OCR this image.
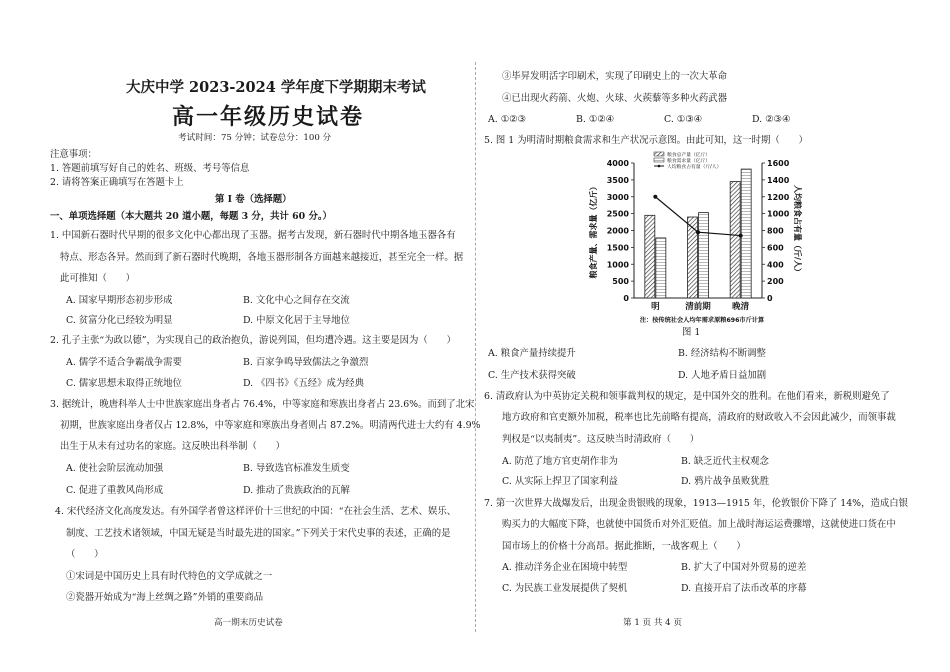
大庆中学 2023-2024 学年度下学期期末考试
高一年级历史试卷
考试时间：75 分钟；试卷总分：100 分
注意事项：
1. 答题前填写好自己的姓名、班级、考号等信息
2. 请将答案正确填写在答题卡上
第 I 卷（选择题）
一、单项选择题（本大题共 20 道小题，每题 3 分，共计 60 分。）
1. 中国新石器时代早期的很多文化中心都出现了玉器。据考古发现，新石器时代中期各地玉器各有
特点、形态各异。然而到了新石器时代晚期，各地玉器形制各方面越来越接近，甚至完全一样。据
此可推知（　　）
A. 国家早期形态初步形成	B. 文化中心之间存在交流
C. 贫富分化已经较为明显	D. 中原文化居于主导地位
2. 孔子主张“为政以德”，为实现自己的政治抱负，游说列国，但均遭冷遇。这主要是因为（　　）
A. 儒学不适合争霸战争需要	B. 百家争鸣导致儒法之争激烈
C. 儒家思想未取得正统地位	D. 《四书》《五经》成为经典
3. 据统计，晚唐科举人士中世族家庭出身者占 76.4%，中等家庭和寒族出身者占 23.6%。而到了北宋
初期，世族家庭出身者仅占 12.8%，中等家庭和寒族出身者则占 87.2%。明清两代进士大约有 4.9%
出生于从未有过功名的家庭。这反映出科举制（　　）
A. 使社会阶层流动加强	B. 导致选官标准发生质变
C. 促进了重教风尚形成	D. 推动了贵族政治的瓦解
4. 宋代经济文化高度发达。有外国学者曾这样评价十三世纪的中国：“在社会生活、艺术、娱乐、
制度、工艺技术诸领域，中国无疑是当时最先进的国家。”下列关于宋代史事的表述，正确的是
（　　）
①宋词是中国历史上具有时代特色的文学成就之一
②瓷器开始成为“海上丝绸之路”外销的重要商品
高一期末历史试卷
③毕昇发明活字印刷术，实现了印刷史上的一次大革命
④已出现火药箭、火炮、火球、火蒺藜等多种火药武器
A. ①②③	B. ①②④	C. ①③④	D. ②③④
5. 图 1 为明清时期粮食需求和生产状况示意图。由此可知，这一时期（　　）
0
500
1000
1500
2000
2500
3000
3500
4000
0
200
400
600
800
1000
1200
1400
1600
粮食产量、需求量（亿斤）	人均粮食占有量（斤/人）
明	清前期	晚清
粮食总产量（亿斤）
粮食需求量（亿斤）
人均粮食占有量（斤/人）
注：按传统社会人均年需求原粮696市斤计算
图 1
A. 粮食产量持续提升	B. 经济结构不断调整
C. 生产技术获得突破	D. 人地矛盾日益加剧
6. 清政府认为中英协定关税和领事裁判权的规定，是中国外交的胜利。在他们看来，新税则避免了
地方政府和官吏额外加税，税率也比先前略有提高，清政府的财政收入不会因此减少，而领事裁
判权是“以夷制夷”。这反映当时清政府（　　）
A. 防范了地方官吏胡作非为	B. 缺乏近代主权观念
C. 从实际上捍卫了国家利益	D. 鸦片战争虽败犹胜
7. 第一次世界大战爆发后，出现金贵银贱的现象，1913—1915 年，伦敦银价下降了 14%，造成白银
购买力的大幅度下降，也就使中国货币对外汇贬值。加上战时海运运费骤增，这就使进口货在中
国市场上的价格十分高昂。据此推断，一战客观上（　　）
A. 推动洋务企业在困境中转型	B. 扩大了中国对外贸易的逆差
C. 为民族工业发展提供了契机	D. 直接开启了法币改革的序幕
第 1 页 共 4 页
